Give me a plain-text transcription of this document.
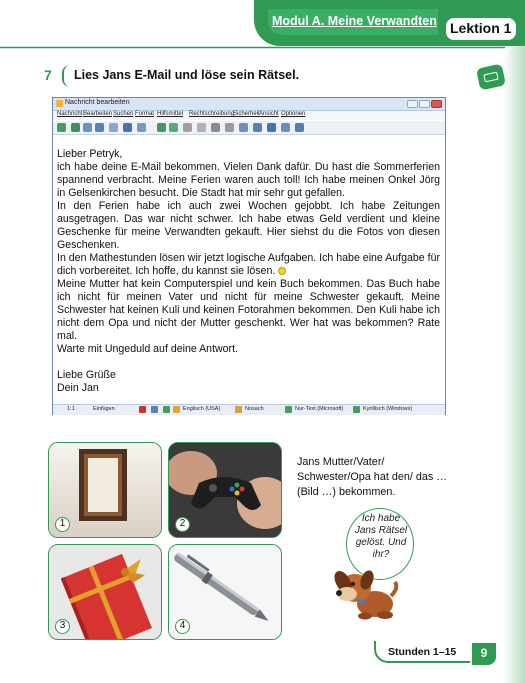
Modul A. Meine Verwandten Lektion 1
7 Lies Jans E-Mail und löse sein Rätsel.
Nachricht bearbeiten
Nachricht Bearbeiten Suchen Format Hilfsmittel Rechtschreibung
Sicherheit Ansicht Optionen

Lieber Petryk,

ich habe deine E-Mail bekommen. Vielen Dank dafür. Du hast die Sommerferien spannend verbracht. Meine Ferien waren auch toll! Ich habe meinen Onkel Jörg in Gelsenkirchen besucht. Die Stadt hat mir sehr gut gefallen.

In den Ferien habe ich auch zwei Wochen gejobbt. Ich habe Zeitungen ausgetragen. Das war nicht schwer. Ich habe etwas Geld verdient und kleine Geschenke für meine Verwandten gekauft. Hier siehst du die Fotos von diesen Geschenken.

In den Mathestunden lösen wir jetzt logische Aufgaben. Ich habe eine Aufgabe für dich vorbereitet. Ich hoffe, du kannst sie lösen.

Meine Mutter hat kein Computerspiel und kein Buch bekommen. Das Buch habe ich nicht für meinen Vater und nicht für meine Schwester gekauft. Meine Schwester hat keinen Kuli und keinen Fotorahmen bekommen. Den Kuli habe ich nicht dem Opa und nicht der Mutter geschenkt. Wer hat was bekommen? Rate mal.

Warte mit Ungeduld auf deine Antwort.

Liebe Grüße

Dein Jan

1:1	Einfügen	Englisch (USA)	Nosach	Nur-Text (Microsoft)	Kyrillisch (Windows)
1	2
3	4
Jans Mutter/Vater/ Schwester/Opa hat den/ das … (Bild …) bekommen.
Ich habe Jans Rätsel gelöst. Und ihr?
Stunden 1–15	9
